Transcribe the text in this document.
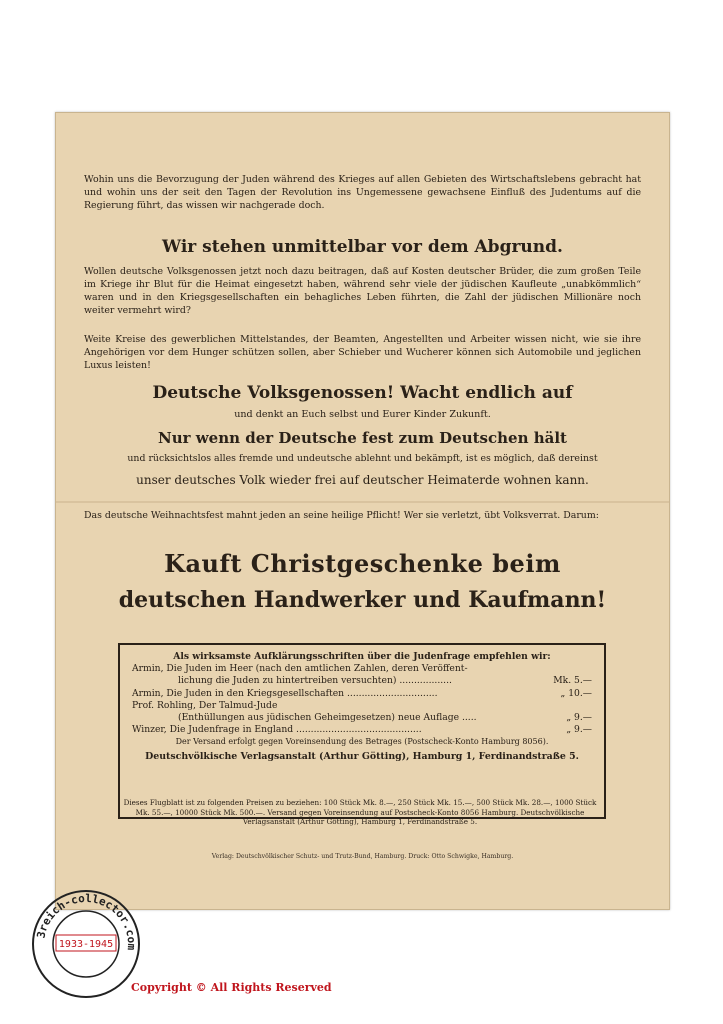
Wohin uns die Bevorzugung der Juden während des Krieges auf allen Gebieten des Wirtschaftslebens gebracht hat und wohin uns der seit den Tagen der Revolution ins Ungemessene gewachsene Einfluß des Judentums auf die Regierung führt, das wissen wir nachgerade doch.
Wir stehen unmittelbar vor dem Abgrund.
Wollen deutsche Volksgenossen jetzt noch dazu beitragen, daß auf Kosten deutscher Brüder, die zum großen Teile im Kriege ihr Blut für die Heimat eingesetzt haben, während sehr viele der jüdischen Kaufleute „unabkömmlich“ waren und in den Kriegsgesellschaften ein behagliches Leben führten, die Zahl der jüdischen Millionäre noch weiter vermehrt wird?
Weite Kreise des gewerblichen Mittelstandes, der Beamten, Angestellten und Arbeiter wissen nicht, wie sie ihre Angehörigen vor dem Hunger schützen sollen, aber Schieber und Wucherer können sich Automobile und jeglichen Luxus leisten!
Deutsche Volksgenossen! Wacht endlich auf
und denkt an Euch selbst und Eurer Kinder Zukunft.
Nur wenn der Deutsche fest zum Deutschen hält
und rücksichtslos alles fremde und undeutsche ablehnt und bekämpft, ist es möglich, daß dereinst
unser deutsches Volk wieder frei auf deutscher Heimaterde wohnen kann.
Das deutsche Weihnachtsfest mahnt jeden an seine heilige Pflicht! Wer sie verletzt, übt Volksverrat. Darum:
Kauft Christgeschenke beim
deutschen Handwerker und Kaufmann!
Als wirksamste Aufklärungsschriften über die Judenfrage empfehlen wir:
Armin, Die Juden im Heer (nach den amtlichen Zahlen, deren Veröffent-
lichung die Juden zu hintertreiben versuchten) ..................	Mk. 5.—
Armin, Die Juden in den Kriegsgesellschaften ...............................	„ 10.—
Prof. Rohling, Der Talmud-Jude
(Enthüllungen aus jüdischen Geheimgesetzen) neue Auflage .....	„ 9.—
Winzer, Die Judenfrage in England ...........................................	„ 9.—
Der Versand erfolgt gegen Voreinsendung des Betrages (Postscheck-Konto Hamburg 8056).
Deutschvölkische Verlagsanstalt (Arthur Götting), Hamburg 1, Ferdinandstraße 5.
Dieses Flugblatt ist zu folgenden Preisen zu beziehen: 100 Stück Mk. 8.—, 250 Stück Mk. 15.—, 500 Stück Mk. 28.—, 1000 Stück Mk. 55.—, 10000 Stück Mk. 500.—. Versand gegen Voreinsendung auf Postscheck-Konto 8056 Hamburg. Deutschvölkische Verlagsanstalt (Arthur Götting), Hamburg 1, Ferdinandstraße 5.
Verlag: Deutschvölkischer Schutz- und Trutz-Bund, Hamburg. Druck: Otto Schwigke, Hamburg.
3reich-collector.com
1933-1945
Copyright © All Rights Reserved
